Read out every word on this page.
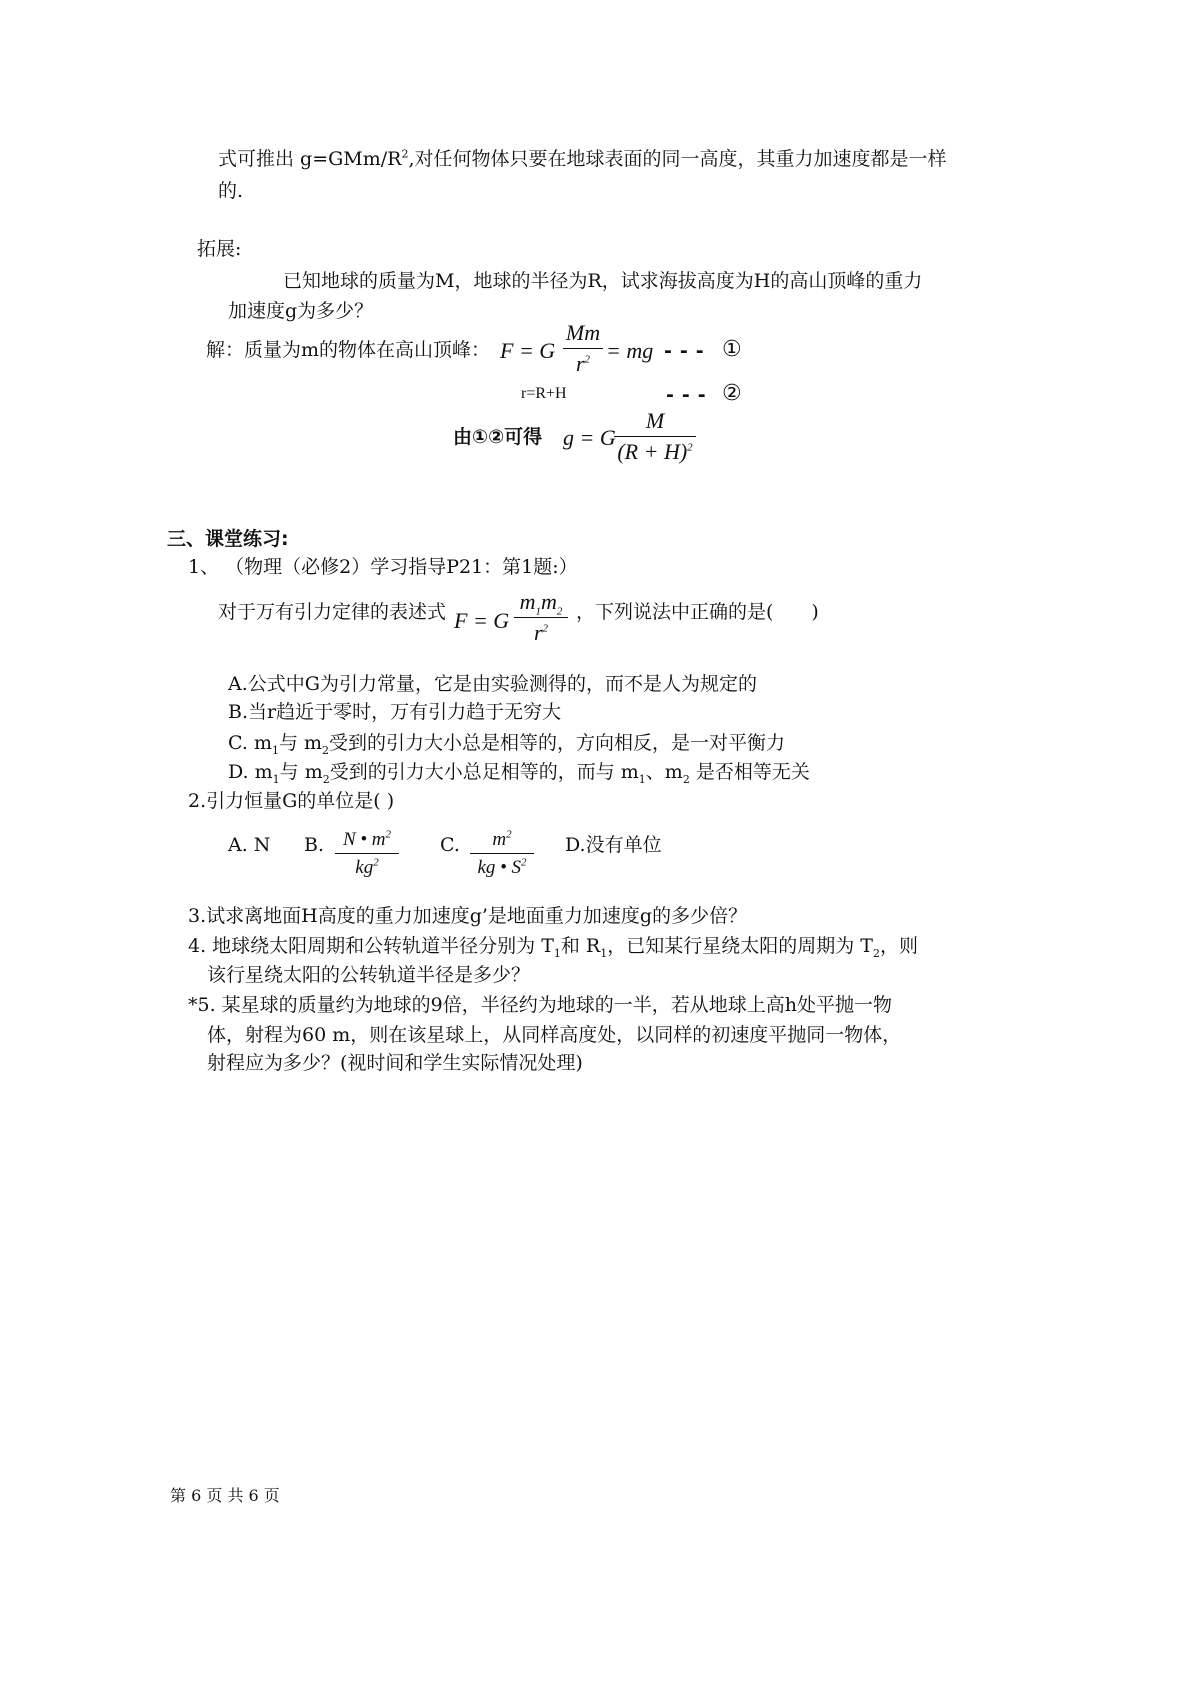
式可推出 $g=GMm/R^2$,对任何物体只要在地球表面的同一高度，其重力加速度都是一样
的.
拓展:
已知地球的质量为M，地球的半径为R，试求海拔高度为H的高山顶峰的重力
加速度g为多少？
解：质量为m的物体在高山顶峰： F = G
Mm
$r^2$ = mg --- ①
r=R+H	--- ②
由①②可得 g = G
M
$(R + H)^2$
三、课堂练习:
1、 （物理（必修2）学习指导P21：第1题:）
对于万有引力定律的表述式 F = G
$m_1m_2$
$r^2$
，下列说法中正确的是(　　)
A.公式中G为引力常量，它是由实验测得的，而不是人为规定的
B.当r趋近于零时，万有引力趋于无穷大
C. $m_1$与 $m_2$受到的引力大小总是相等的，方向相反，是一对平衡力
D. $m_1$与 $m_2$受到的引力大小总足相等的，而与 $m_1$、$m_2$ 是否相等无关
2.引力恒量G的单位是( )
A. N B. N • $m^2$
$kg^2$
C.	$m^2$
kg • $S^2$
D.没有单位
3.试求离地面H高度的重力加速度g’是地面重力加速度g的多少倍？
4. 地球绕太阳周期和公转轨道半径分别为 $T_1$和 $R_1$，已知某行星绕太阳的周期为 $T_2$，则
该行星绕太阳的公转轨道半径是多少？
*5. 某星球的质量约为地球的9倍，半径约为地球的一半，若从地球上高h处平抛一物
体，射程为60 m，则在该星球上，从同样高度处，以同样的初速度平抛同一物体，
射程应为多少？(视时间和学生实际情况处理)
第 6 页 共 6 页
